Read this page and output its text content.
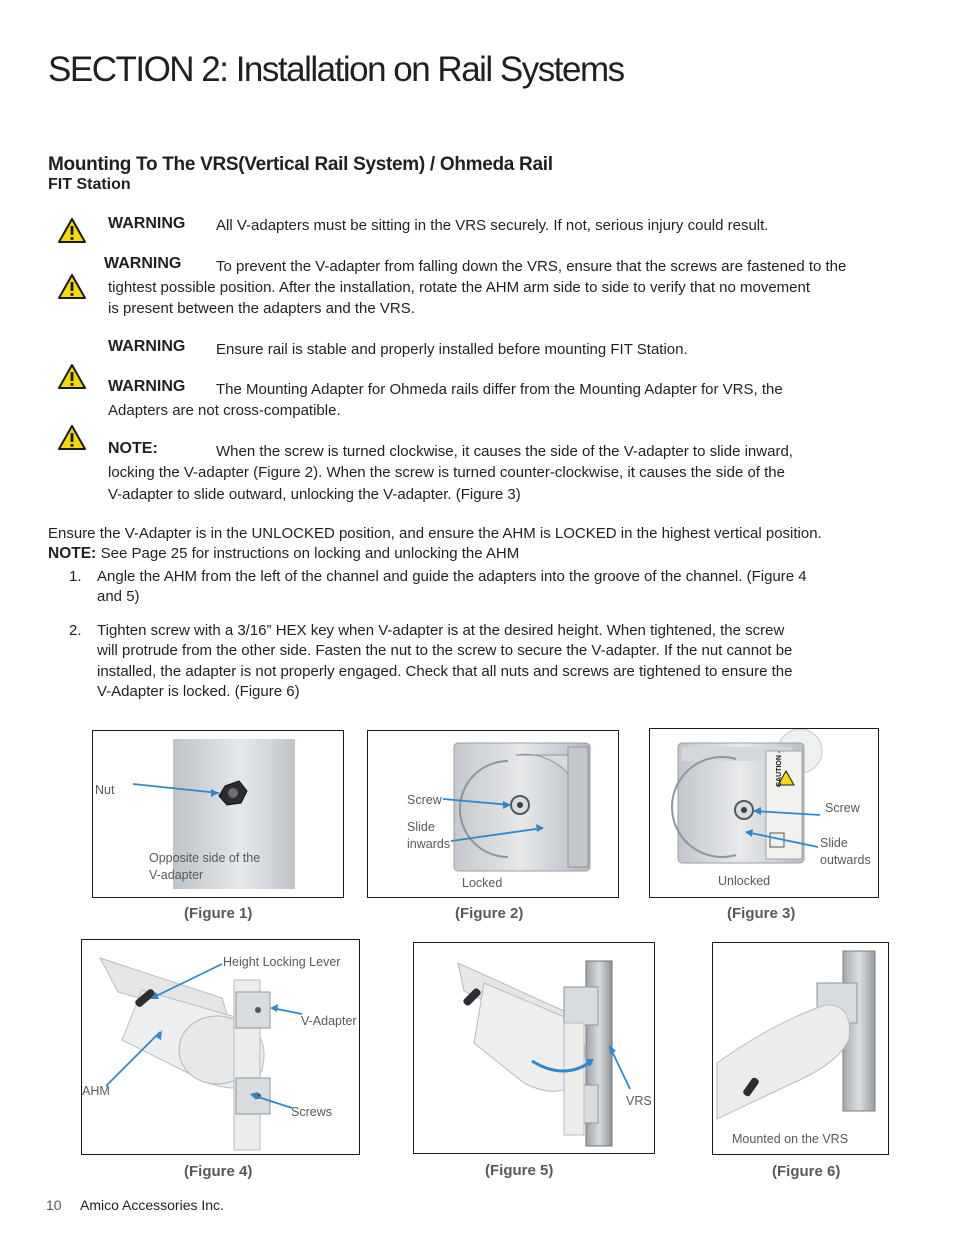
SECTION 2: Installation on Rail Systems
Mounting To The VRS(Vertical Rail System) / Ohmeda Rail
FIT Station
WARNING All V-adapters must be sitting in the VRS securely. If not, serious injury could result.
WARNING To prevent the V-adapter from falling down the VRS, ensure that the screws are fastened to the
tightest possible position. After the installation, rotate the AHM arm side to side to verify that no movement
is present between the adapters and the VRS.
WARNING Ensure rail is stable and properly installed before mounting FIT Station.
WARNING The Mounting Adapter for Ohmeda rails differ from the Mounting Adapter for VRS, the
Adapters are not cross-compatible.
NOTE:	When the screw is turned clockwise, it causes the side of the V-adapter to slide inward,
locking the V-adapter (Figure 2). When the screw is turned counter-clockwise, it causes the side of the
V-adapter to slide outward, unlocking the V-adapter. (Figure 3)
Ensure the V-Adapter is in the UNLOCKED position, and ensure the AHM is LOCKED in the highest vertical position.
NOTE: See Page 25 for instructions on locking and unlocking the AHM
1. Angle the AHM from the left of the channel and guide the adapters into the groove of the channel. (Figure 4
and 5)
2. Tighten screw with a 3/16” HEX key when V-adapter is at the desired height. When tightened, the screw
will protrude from the other side. Fasten the nut to the screw to secure the V-adapter. If the nut cannot be
installed, the adapter is not properly engaged. Check that all nuts and screws are tightened to ensure the
V-Adapter is locked. (Figure 6)
Nut
Opposite side of the
V-adapter
(Figure 1)
Screw
Slide
inwards
Locked
(Figure 2)
CAUTION -
Screw
Slide
outwards
Unlocked
(Figure 3)
Height Locking Lever
V-Adapter
AHM
Screws
(Figure 4)
VRS
(Figure 5)
Mounted on the VRS
(Figure 6)
10 Amico Accessories Inc.
